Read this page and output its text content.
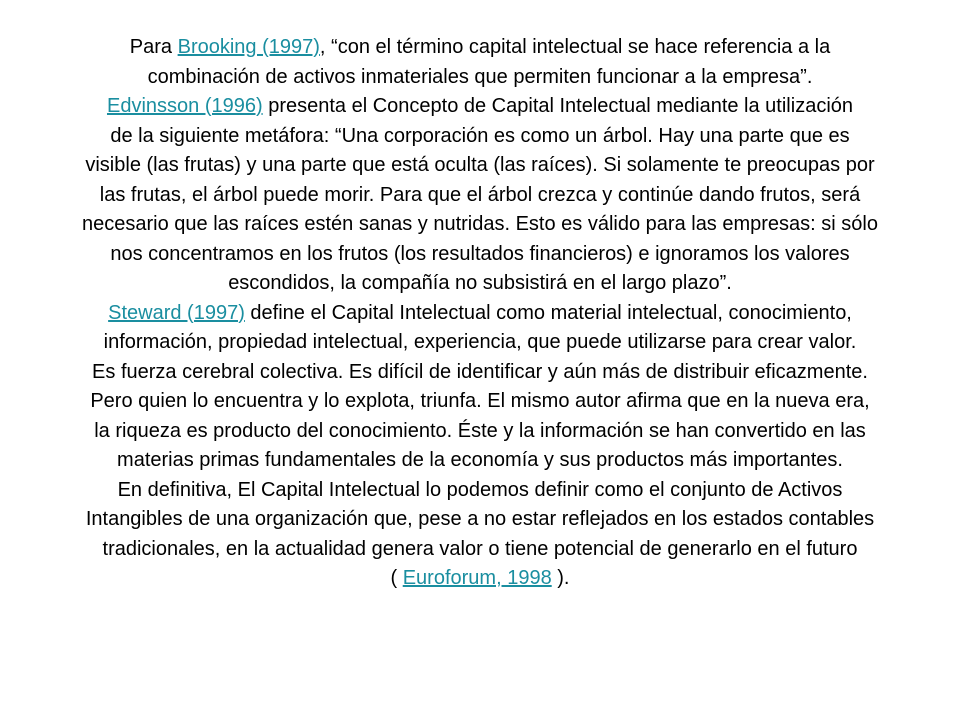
Para Brooking (1997), “con el término capital intelectual se hace referencia a la
combinación de activos inmateriales que permiten funcionar a la empresa”.
Edvinsson (1996) presenta el Concepto de Capital Intelectual mediante la utilización
de la siguiente metáfora: “Una corporación es como un árbol. Hay una parte que es
visible (las frutas) y una parte que está oculta (las raíces). Si solamente te preocupas por
las frutas, el árbol puede morir. Para que el árbol crezca y continúe dando frutos, será
necesario que las raíces estén sanas y nutridas. Esto es válido para las empresas: si sólo
nos concentramos en los frutos (los resultados financieros) e ignoramos los valores
escondidos, la compañía no subsistirá en el largo plazo”.
Steward (1997) define el Capital Intelectual como material intelectual, conocimiento,
información, propiedad intelectual, experiencia, que puede utilizarse para crear valor.
Es fuerza cerebral colectiva. Es difícil de identificar y aún más de distribuir eficazmente.
Pero quien lo encuentra y lo explota, triunfa. El mismo autor afirma que en la nueva era,
la riqueza es producto del conocimiento. Éste y la información se han convertido en las
materias primas fundamentales de la economía y sus productos más importantes.
En definitiva, El Capital Intelectual lo podemos definir como el conjunto de Activos
Intangibles de una organización que, pese a no estar reflejados en los estados contables
tradicionales, en la actualidad genera valor o tiene potencial de generarlo en el futuro
( Euroforum, 1998 ).
